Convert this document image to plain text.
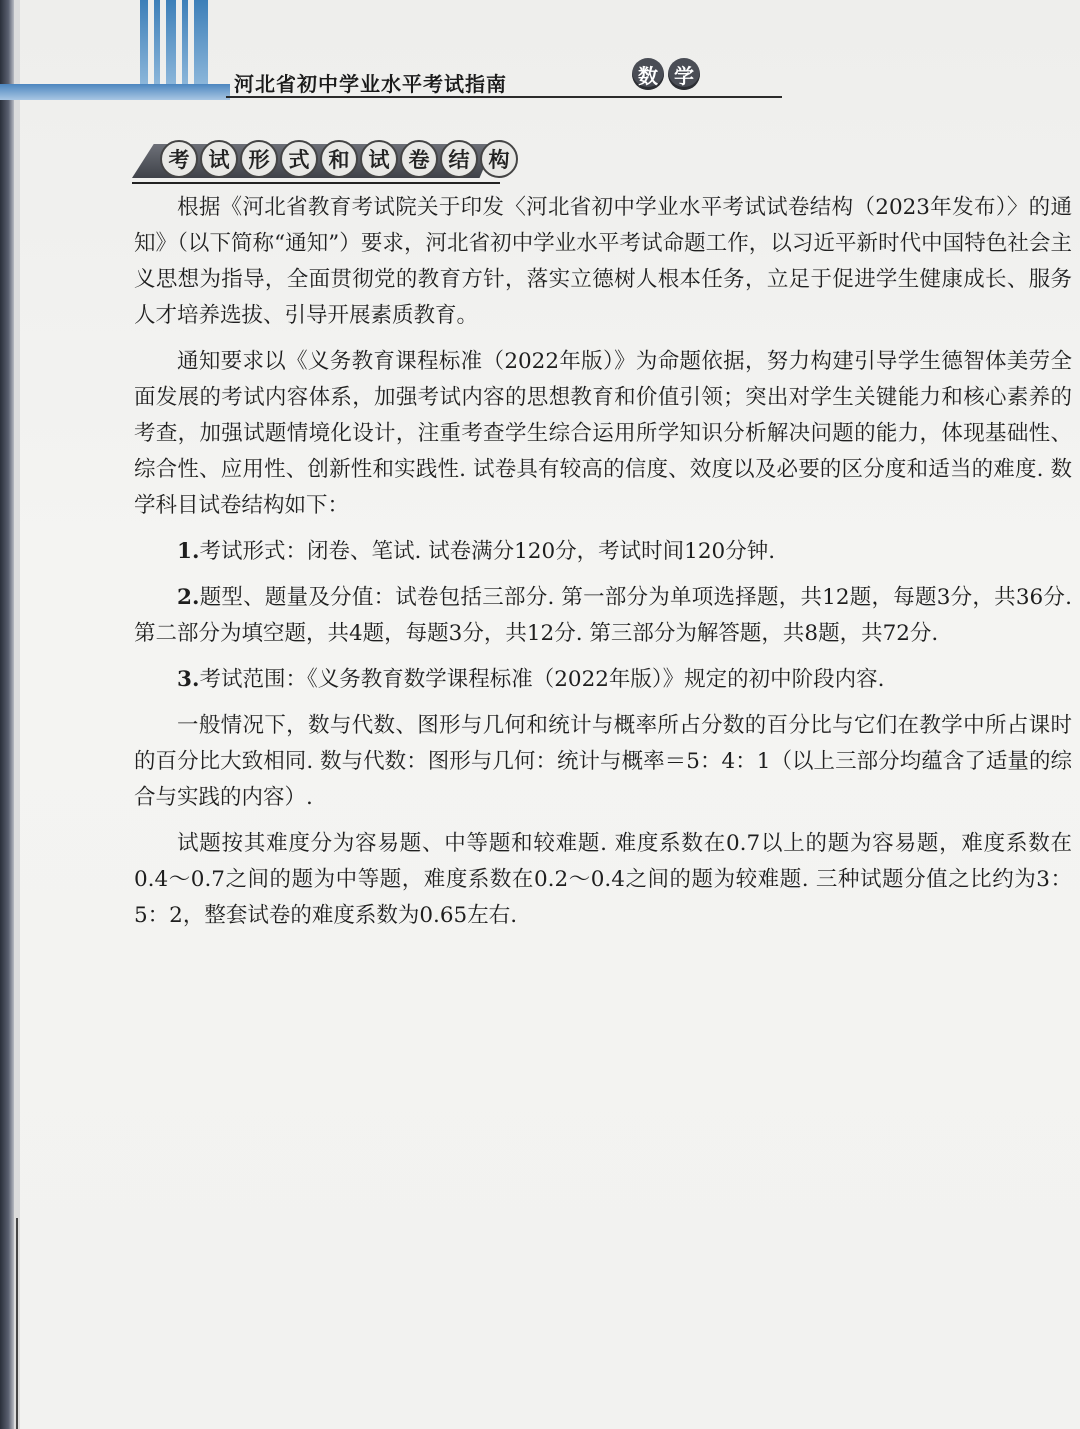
河北省初中学业水平考试指南	数 学
考 试 形 式 和 试 卷 结 构

根据《河北省教育考试院关于印发〈河北省初中学业水平考试试卷结构（2023年发布）〉的通知》（以下简称“通知”）要求，河北省初中学业水平考试命题工作，以习近平新时代中国特色社会主义思想为指导，全面贯彻党的教育方针，落实立德树人根本任务，立足于促进学生健康成长、服务人才培养选拔、引导开展素质教育。

通知要求以《义务教育课程标准（2022年版）》为命题依据，努力构建引导学生德智体美劳全面发展的考试内容体系，加强考试内容的思想教育和价值引领；突出对学生关键能力和核心素养的考查，加强试题情境化设计，注重考查学生综合运用所学知识分析解决问题的能力，体现基础性、综合性、应用性、创新性和实践性. 试卷具有较高的信度、效度以及必要的区分度和适当的难度. 数学科目试卷结构如下：

1.考试形式：闭卷、笔试. 试卷满分120分，考试时间120分钟.

2.题型、题量及分值：试卷包括三部分. 第一部分为单项选择题，共12题，每题3分，共36分. 第二部分为填空题，共4题，每题3分，共12分. 第三部分为解答题，共8题，共72分.

3.考试范围：《义务教育数学课程标准（2022年版）》规定的初中阶段内容.

一般情况下，数与代数、图形与几何和统计与概率所占分数的百分比与它们在教学中所占课时的百分比大致相同. 数与代数：图形与几何：统计与概率＝5：4：1（以上三部分均蕴含了适量的综合与实践的内容）.

试题按其难度分为容易题、中等题和较难题. 难度系数在0.7以上的题为容易题，难度系数在0.4～0.7之间的题为中等题，难度系数在0.2～0.4之间的题为较难题. 三种试题分值之比约为3：5：2，整套试卷的难度系数为0.65左右.
